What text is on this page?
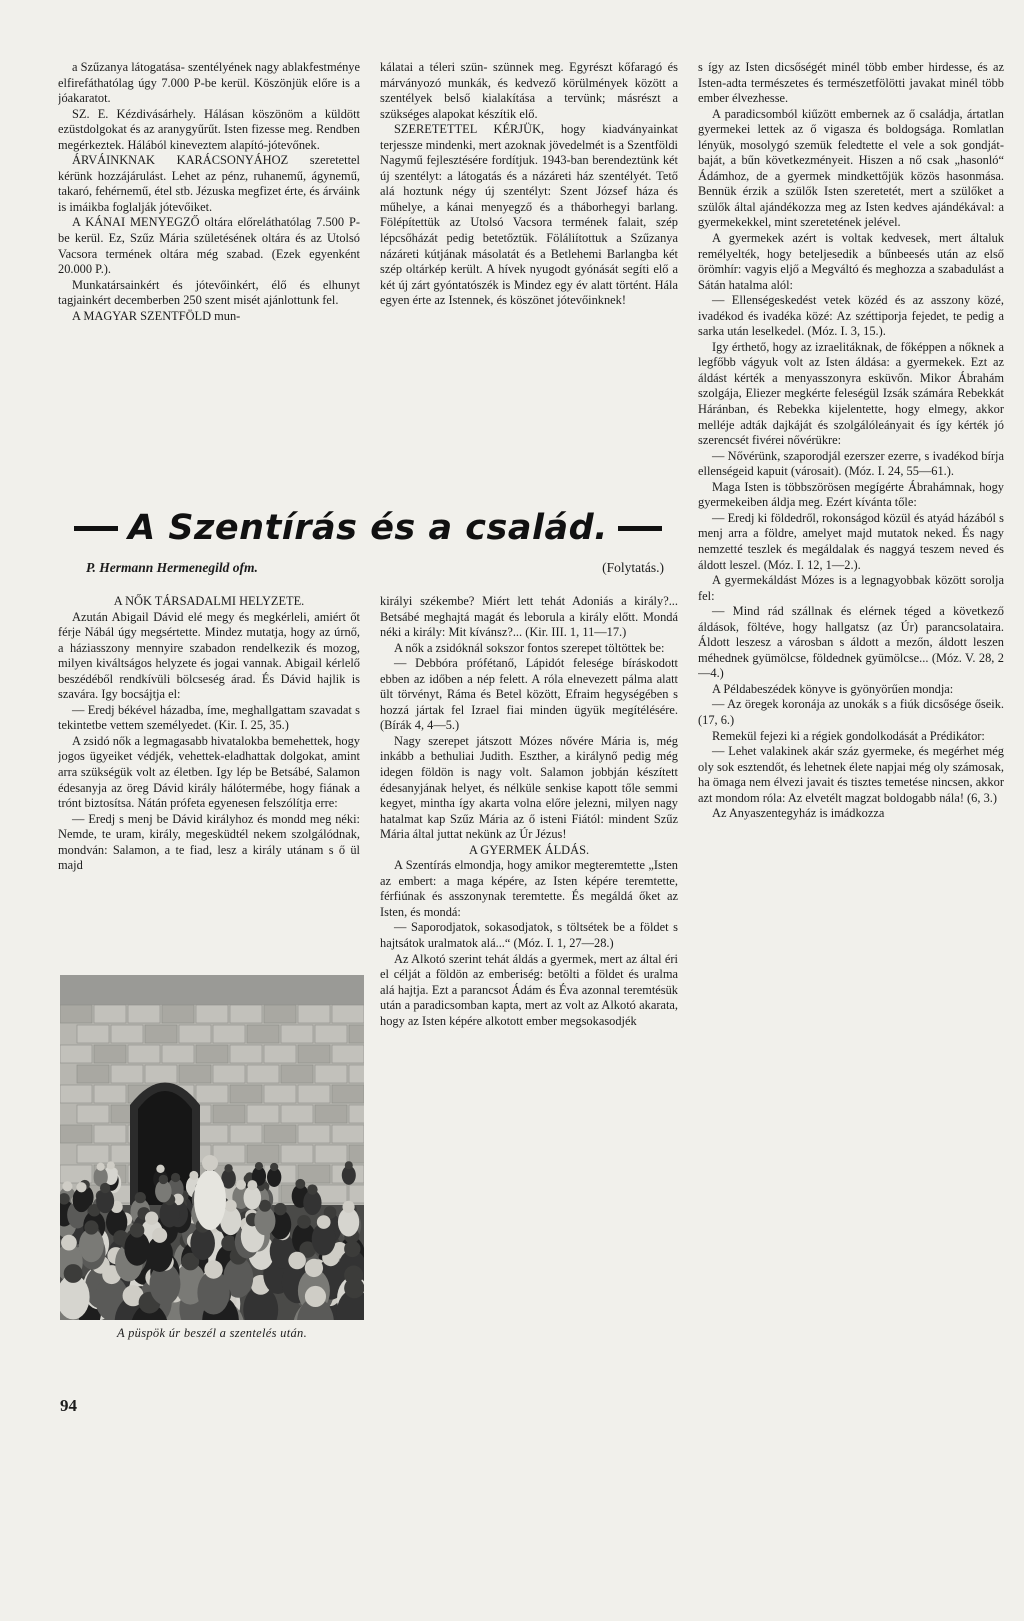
a Szűzanya látogatása- szentélyének nagy ablakfestménye elfirefáthatólag úgy 7.000 P-be kerül. Köszönjük előre is a jóakaratot.

SZ. E. Kézdivásárhely. Hálásan köszönöm a küldött ezüstdolgokat és az aranygyűrűt. Isten fizesse meg. Rendben megérkeztek. Hálából kineveztem alapító-jótevőnek.

ÁRVÁINKNAK KARÁCSONYÁHOZ szeretettel kérünk hozzájárulást. Lehet az pénz, ruhanemű, ágynemű, takaró, fehérnemű, étel stb. Jézuska megfizet érte, és árváink is imáikba foglalják jótevőiket.

A KÁNAI MENYEGZŐ oltára előreláthatólag 7.500 P-be kerül. Ez, Szűz Mária születésének oltára és az Utolsó Vacsora termének oltára még szabad. (Ezek egyenként 20.000 P.).

Munkatársainkért és jótevőinkért, élő és elhunyt tagjainkért decemberben 250 szent misét ajánlottunk fel.

A MAGYAR SZENTFÖLD mun-

kálatai a téleri szün- szünnek meg. Egyrészt kőfaragó és márványozó munkák, és kedvező körülmények között a szentélyek belső kialakítása a tervünk; másrészt a szükséges alapokat készítik elő.

SZERETETTEL KÉRJÜK, hogy kiadványainkat terjessze mindenki, mert azoknak jövedelmét is a Szentföldi Nagymű fejlesztésére fordítjuk. 1943-ban berendeztünk két új szentélyt: a látogatás és a názáreti ház szentélyét. Tető alá hoztunk négy új szentélyt: Szent József háza és műhelye, a kánai menyegző és a tháborhegyi barlang. Fölépítettük az Utolsó Vacsora termének falait, szép lépcsőházát pedig betetőztük. Föláliítottuk a Szűzanya názáreti kútjának másolatát és a Betlehemi Barlangba két szép oltárkép került. A hívek nyugodt gyónását segíti elő a két új zárt gyóntatószék is Mindez egy év alatt történt. Hála egyen érte az Istennek, és köszönet jótevőinknek!

s így az Isten dicsőségét minél több ember hirdesse, és az Isten-adta természetes és természetfölötti javakat minél több ember élvezhesse.

A paradicsomból kiűzött embernek az ő családja, ártatlan gyermekei lettek az ő vigasza és boldogsága. Romlatlan lényük, mosolygó szemük feledtette el vele a sok gondját-baját, a bűn következményeit. Hiszen a nő csak „hasonló“ Ádámhoz, de a gyermek mindkettőjük közös hasonmása. Bennük érzik a szülők Isten szeretetét, mert a szülőket a szülők által ajándékozza meg az Isten kedves ajándékával: a gyermekekkel, mint szeretetének jelével.

A gyermekek azért is voltak kedvesek, mert általuk remélyelték, hogy beteljesedik a bűnbeesés után az első örömhír: vagyis eljő a Megváltó és meghozza a szabadulást a Sátán hatalma alól:

— Ellenségeskedést vetek közéd és az asszony közé, ivadékod és ivadéka közé: Az széttiporja fejedet, te pedig a sarka után leselkedel. (Móz. I. 3, 15.).

Igy érthető, hogy az izraelitáknak, de főképpen a nőknek a legfőbb vágyuk volt az Isten áldása: a gyermekek. Ezt az áldást kérték a menyasszonyra esküvőn. Mikor Ábrahám szolgája, Eliezer megkérte feleségül Izsák számára Rebekkát Háránban, és Rebekka kijelentette, hogy elmegy, akkor melléje adták dajkáját és szolgálóleányait és így kérték jó szerencsét fivérei nővérükre:

— Nővérünk, szaporodjál ezerszer ezerre, s ivadékod bírja ellenségeid kapuit (városait). (Móz. I. 24, 55—61.).

Maga Isten is többszörösen megígérte Ábrahámnak, hogy gyermekeiben áldja meg. Ezért kívánta tőle:

— Eredj ki földedről, rokonságod közül és atyád házából s menj arra a földre, amelyet majd mutatok neked. És nagy nemzetté teszlek és megáldalak és naggyá teszem neved és áldott leszel. (Móz. I. 12, 1—2.).

A gyermekáldást Mózes is a legnagyobbak között sorolja fel:

— Mind rád szállnak és elérnek téged a következő áldások, föltéve, hogy hallgatsz (az Úr) parancsolataira. Áldott leszesz a városban s áldott a mezőn, áldott leszen méhednek gyümölcse, földednek gyümölcse... (Móz. V. 28, 2—4.)

A Példabeszédek könyve is gyönyörűen mondja:

— Az öregek koronája az unokák s a fiúk dicsősége őseik. (17, 6.)

Remekül fejezi ki a régiek gondolkodását a Prédikátor:

— Lehet valakinek akár száz gyermeke, és megérhet még oly sok esztendőt, és lehetnek élete napjai még oly számosak, ha ömaga nem élvezi javait és tisztes temetése nincsen, akkor azt mondom róla: Az elvetélt magzat boldogabb nála! (6, 3.)

Az Anyaszentegyház is imádkozza

A Szentírás és a család.
P. Hermann Hermenegild ofm.	(Folytatás.)

A NŐK TÁRSADALMI HELYZETE.

Azután Abigail Dávid elé megy és megkérleli, amiért őt férje Nábál úgy megsértette. Mindez mutatja, hogy az úrnő, a háziasszony mennyire szabadon rendelkezik és mozog, milyen kiváltságos helyzete és jogai vannak. Abigail kérlelő beszédéből rendkívüli bölcseség árad. És Dávid hajlik is szavára. Igy bocsájtja el:

— Eredj békével házadba, íme, meghallgattam szavadat s tekintetbe vettem személyedet. (Kir. I. 25, 35.)

A zsidó nők a legmagasabb hivatalokba bemehettek, hogy jogos ügyeiket védjék, vehettek-eladhattak dolgokat, amint arra szükségük volt az életben. Igy lép be Betsábé, Salamon édesanyja az öreg Dávid király hálótermébe, hogy fiának a trónt biztosítsa. Nátán prófeta egyenesen felszólítja erre:

— Eredj s menj be Dávid királyhoz és mondd meg néki: Nemde, te uram, király, megesküdtél nekem szolgálódnak, mondván: Salamon, a te fiad, lesz a király utánam s ő ül majd

királyi székembe? Miért lett tehát Adoniás a király?... Betsábé meghajtá magát és leborula a király előtt. Mondá néki a király: Mit kívánsz?... (Kir. III. 1, 11—17.)

A nők a zsidóknál sokszor fontos szerepet töltöttek be:

— Debbóra prófétanő, Lápidót felesége bíráskodott ebben az időben a nép felett. A róla elnevezett pálma alatt ült törvényt, Ráma és Betel között, Efraim hegységében s hozzá jártak fel Izrael fiai minden ügyük megítélésére. (Bírák 4, 4—5.)

Nagy szerepet játszott Mózes nővére Mária is, még inkább a bethuliai Judith. Eszther, a királynő pedig még idegen földön is nagy volt. Salamon jobbján készített édesanyjának helyet, és nélküle senkise kapott tőle semmi kegyet, mintha így akarta volna előre jelezni, milyen nagy hatalmat kap Szűz Mária az ő isteni Fiától: mindent Szűz Mária által juttat nekünk az Úr Jézus!

A GYERMEK ÁLDÁS.

A Szentírás elmondja, hogy amikor megteremtette „Isten az embert: a maga képére, az Isten képére teremtette, férfiúnak és asszonynak teremtette. És megáldá őket az Isten, és mondá:

— Saporodjatok, sokasodjatok, s töltsétek be a földet s hajtsátok uralmatok alá...“ (Móz. I. 1, 27—28.)

Az Alkotó szerint tehát áldás a gyermek, mert az által éri el célját a földön az emberiség: betölti a földet és uralma alá hajtja. Ezt a parancsot Ádám és Éva azonnal teremtésük után a paradicsomban kapta, mert az volt az Alkotó akarata, hogy az Isten képére alkotott ember megsokasodjék

A püspök úr beszél a szentelés után.
94
